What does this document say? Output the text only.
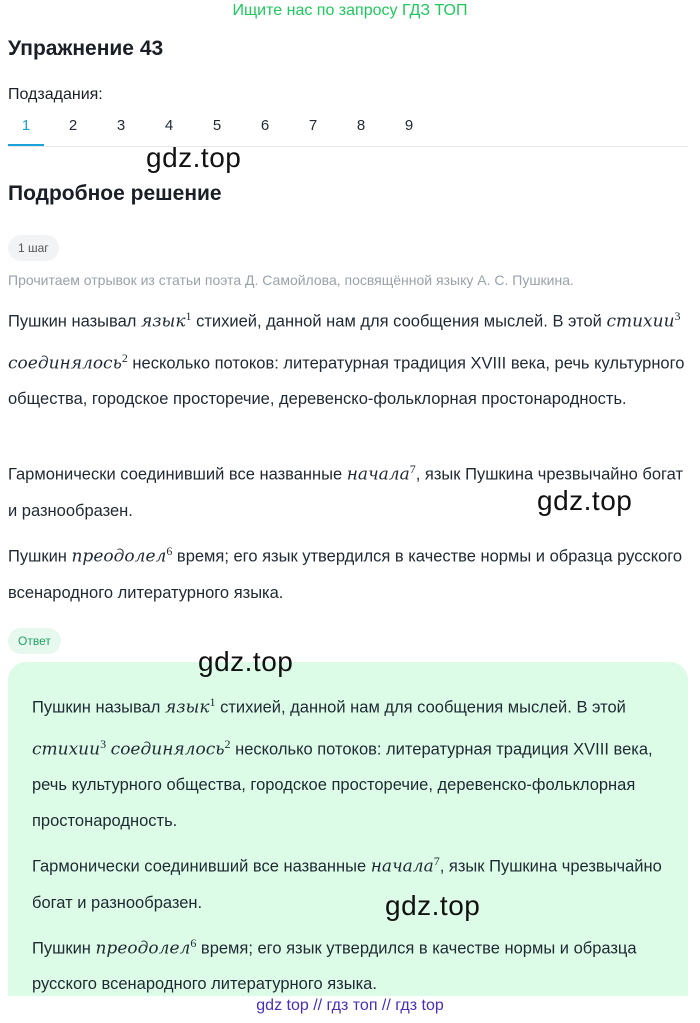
Ищите нас по запросу ГДЗ ТОП
Упражнение 43
Подзадания:
1	2	3	4	5	6	7	8	9
gdz.top
Подробное решение
1 шаг
Прочитаем отрывок из статьи поэта Д. Самойлова, посвящённой языку А. С. Пушкина.

Пушкин называл язык$^1$ стихией, данной нам для сообщения мыслей. В этой стихии$^3$ соединялось$^2$ несколько потоков: литературная традиция XVIII века, речь культурного общества, городское просторечие, деревенско-фольклорная простонародность.

Гармонически соединивший все названные начала$^7$, язык Пушкина чрезвычайно богат и разнообразен.

Пушкин преодолел$^6$ время; его язык утвердился в качестве нормы и образца русского всенародного литературного языка.

gdz.top
Ответ

Пушкин называл язык$^1$ стихией, данной нам для сообщения мыслей. В этой стихии$^3$ соединялось$^2$ несколько потоков: литературная традиция XVIII века, речь культурного общества, городское просторечие, деревенско-фольклорная простонародность.

Гармонически соединивший все названные начала$^7$, язык Пушкина чрезвычайно богат и разнообразен.

Пушкин преодолел$^6$ время; его язык утвердился в качестве нормы и образца русского всенародного литературного языка.

gdz.top
gdz.top
gdz top // гдз топ // гдз top
